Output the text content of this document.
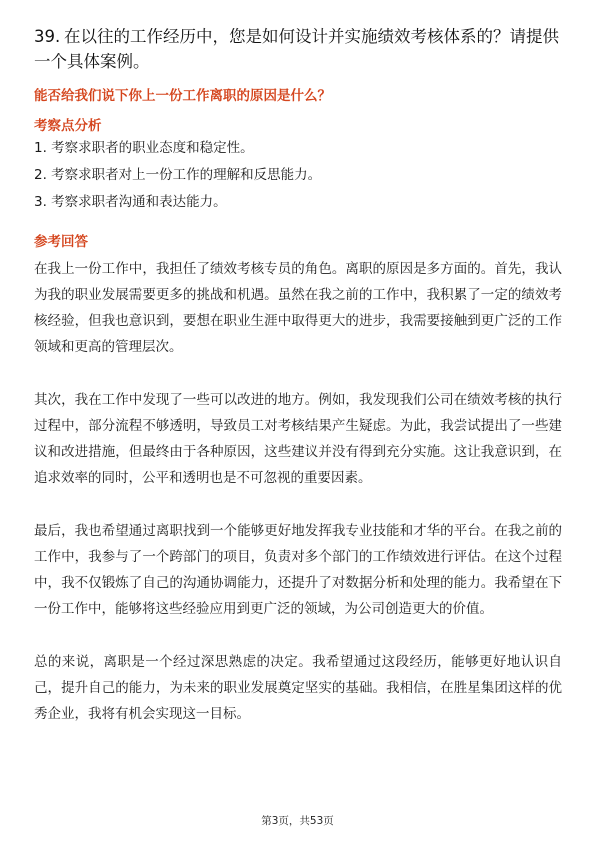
39. 在以往的工作经历中，您是如何设计并实施绩效考核体系的？请提供一个具体案例。
能否给我们说下你上一份工作离职的原因是什么？
考察点分析
1. 考察求职者的职业态度和稳定性。
2. 考察求职者对上一份工作的理解和反思能力。
3. 考察求职者沟通和表达能力。
参考回答

在我上一份工作中，我担任了绩效考核专员的角色。离职的原因是多方面的。首先，我认为我的职业发展需要更多的挑战和机遇。虽然在我之前的工作中，我积累了一定的绩效考核经验，但我也意识到，要想在职业生涯中取得更大的进步，我需要接触到更广泛的工作领域和更高的管理层次。

其次，我在工作中发现了一些可以改进的地方。例如，我发现我们公司在绩效考核的执行过程中，部分流程不够透明，导致员工对考核结果产生疑虑。为此，我尝试提出了一些建议和改进措施，但最终由于各种原因，这些建议并没有得到充分实施。这让我意识到，在追求效率的同时，公平和透明也是不可忽视的重要因素。

最后，我也希望通过离职找到一个能够更好地发挥我专业技能和才华的平台。在我之前的工作中，我参与了一个跨部门的项目，负责对多个部门的工作绩效进行评估。在这个过程中，我不仅锻炼了自己的沟通协调能力，还提升了对数据分析和处理的能力。我希望在下一份工作中，能够将这些经验应用到更广泛的领域，为公司创造更大的价值。

总的来说，离职是一个经过深思熟虑的决定。我希望通过这段经历，能够更好地认识自己，提升自己的能力，为未来的职业发展奠定坚实的基础。我相信，在胜星集团这样的优秀企业，我将有机会实现这一目标。

第3页，共53页
